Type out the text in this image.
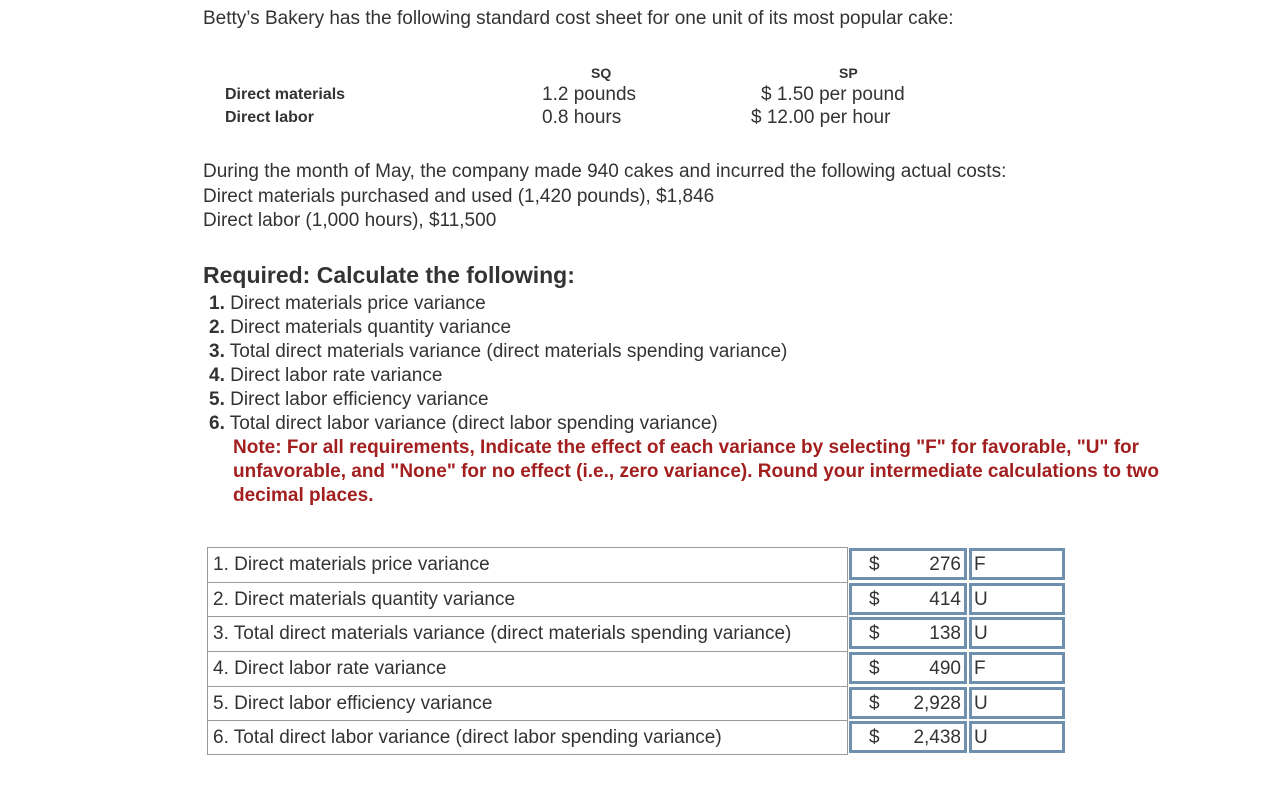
Betty’s Bakery has the following standard cost sheet for one unit of its most popular cake:
SQ	SP
Direct materials	1.2 pounds	$ 1.50 per pound
Direct labor	0.8 hours	$ 12.00 per hour
During the month of May, the company made 940 cakes and incurred the following actual costs:
Direct materials purchased and used (1,420 pounds), $1,846
Direct labor (1,000 hours), $11,500
Required: Calculate the following:
1. Direct materials price variance
2. Direct materials quantity variance
3. Total direct materials variance (direct materials spending variance)
4. Direct labor rate variance
5. Direct labor efficiency variance
6. Total direct labor variance (direct labor spending variance)
Note: For all requirements, Indicate the effect of each variance by selecting "F" for favorable, "U" for unfavorable, and "None" for no effect (i.e., zero variance). Round your intermediate calculations to two decimal places.
1. Direct materials price variance	$	276 F
2. Direct materials quantity variance	$	414 U
3. Total direct materials variance (direct materials spending variance)	$	138 U
4. Direct labor rate variance	$	490 F
5. Direct labor efficiency variance	$ 2,928 U
6. Total direct labor variance (direct labor spending variance)	$ 2,438 U
